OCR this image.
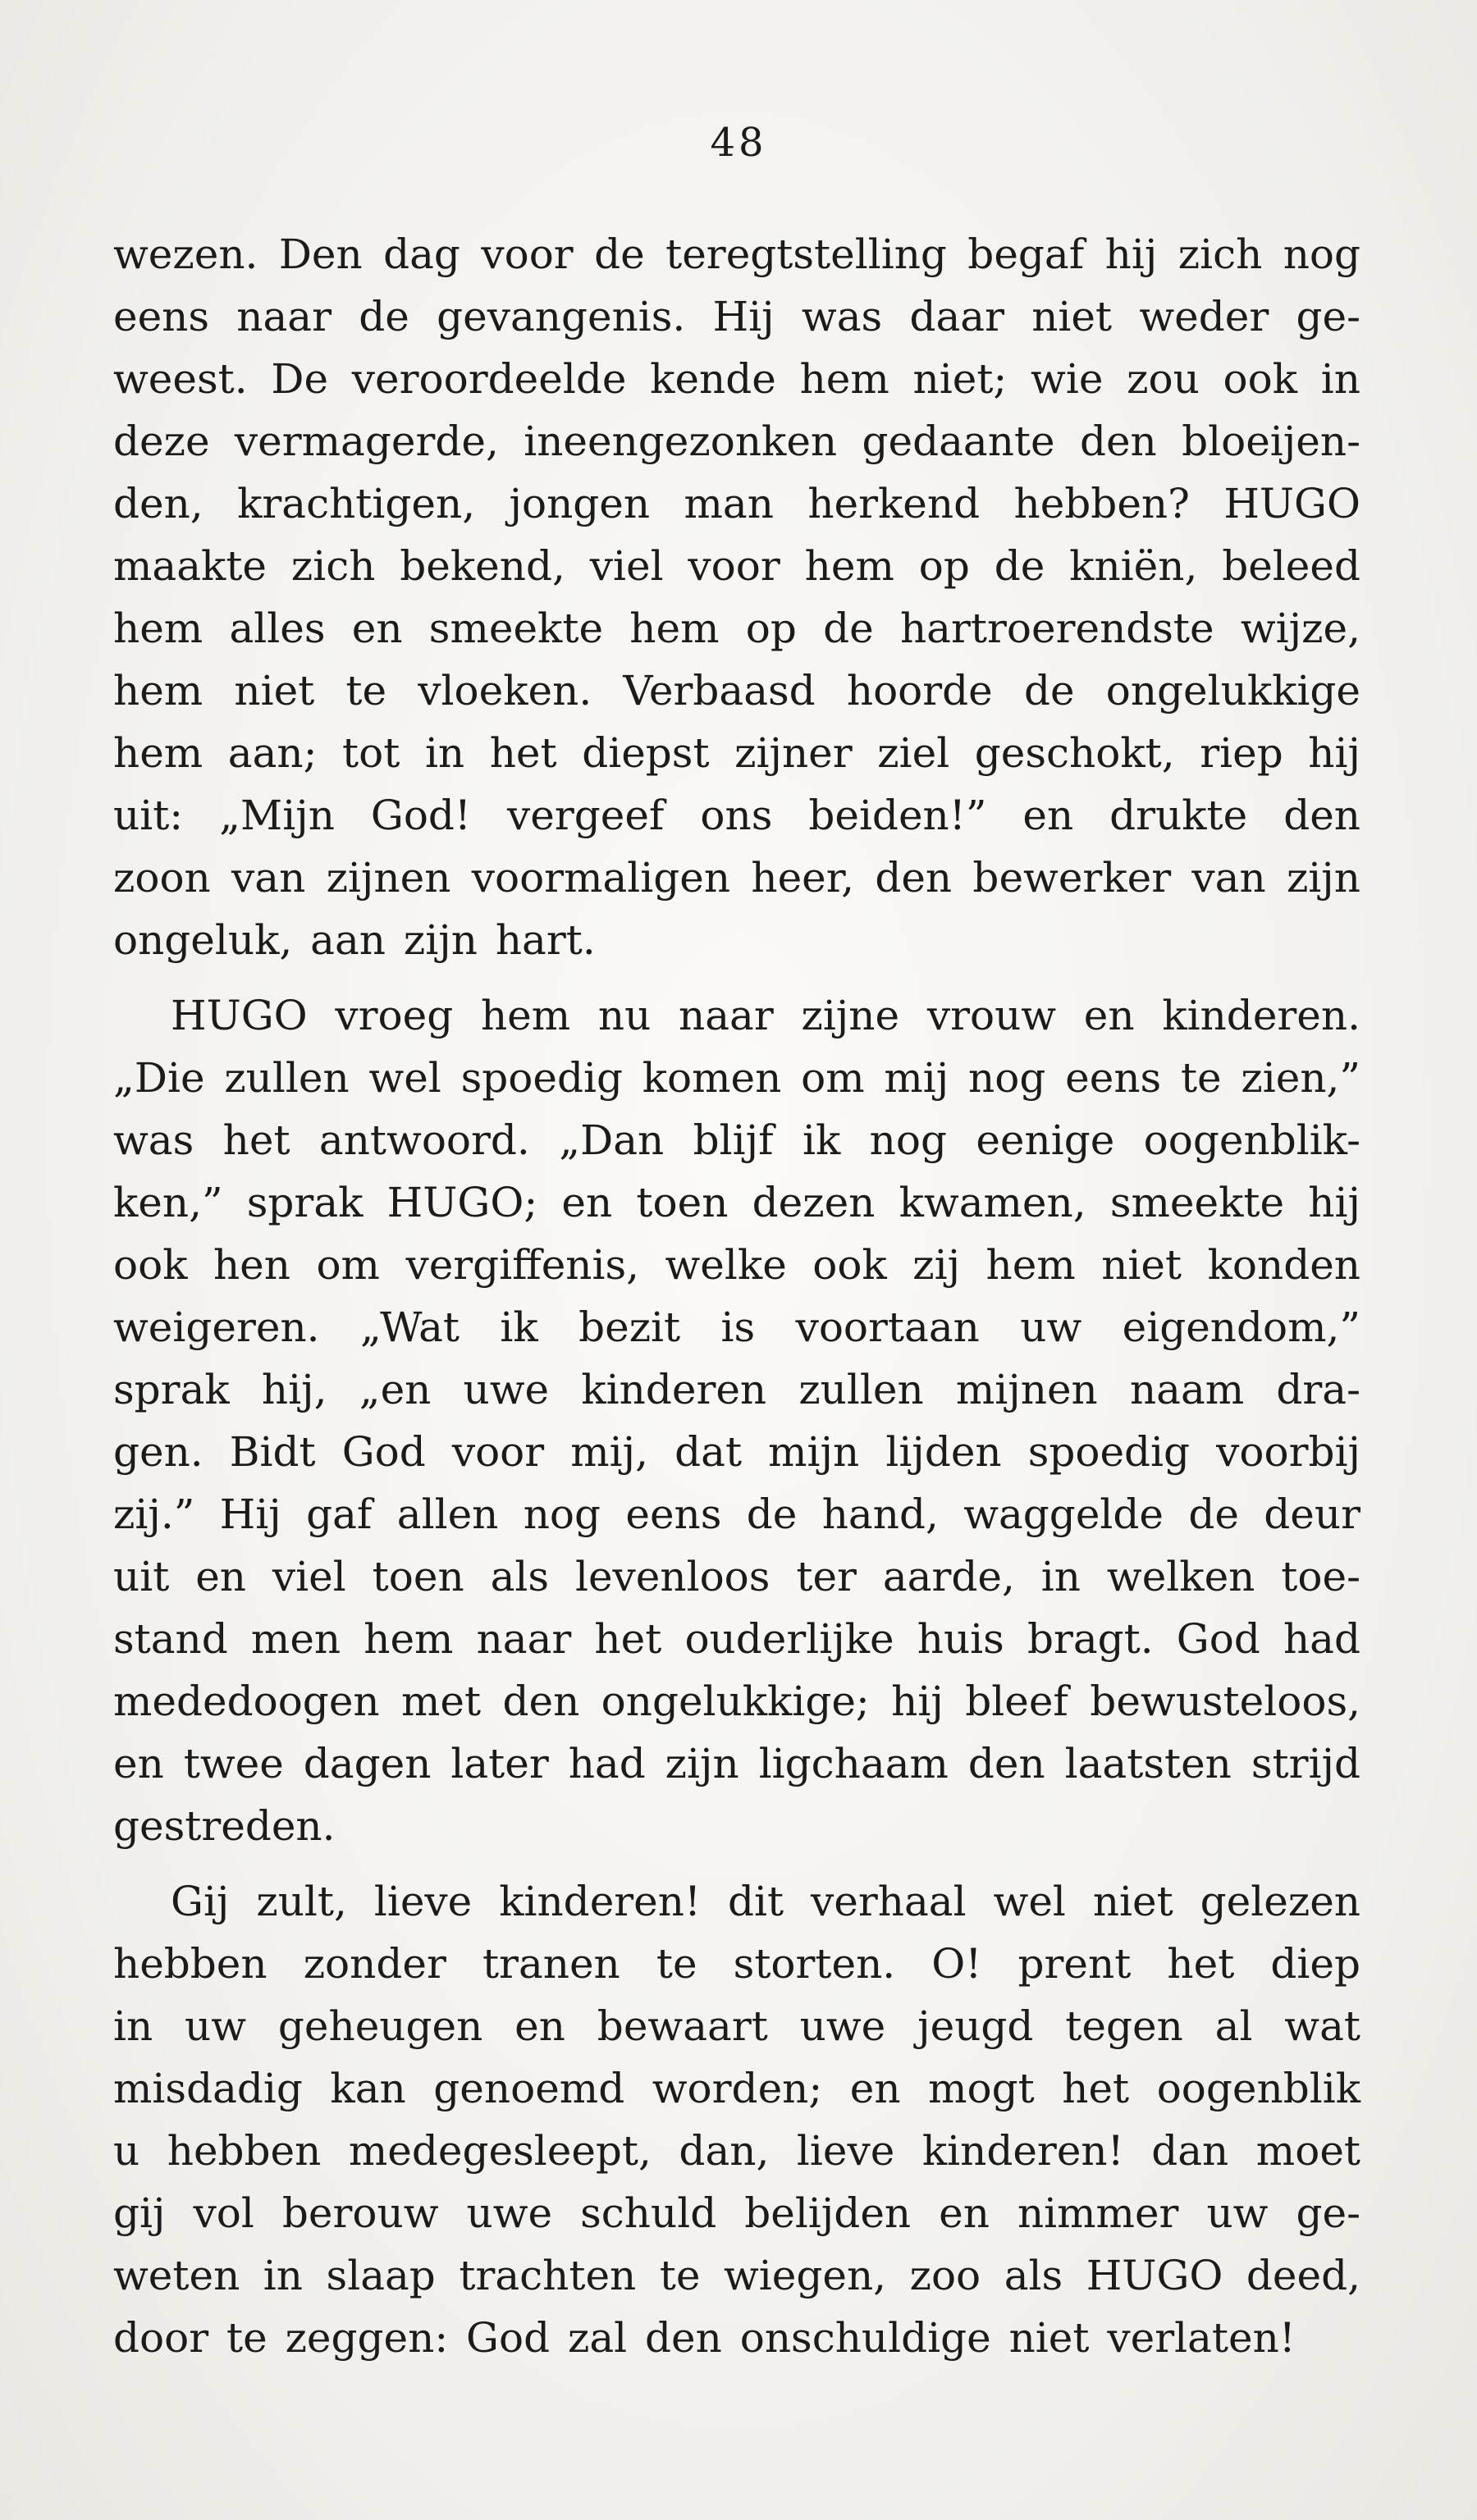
48
wezen. Den dag voor de teregtstelling begaf hij zich nog
eens naar de gevangenis. Hij was daar niet weder ge-
weest. De veroordeelde kende hem niet; wie zou ook in
deze vermagerde, ineengezonken gedaante den bloeijen-
den, krachtigen, jongen man herkend hebben? HUGO
maakte zich bekend, viel voor hem op de kniën, beleed
hem alles en smeekte hem op de hartroerendste wijze,
hem niet te vloeken. Verbaasd hoorde de ongelukkige
hem aan; tot in het diepst zijner ziel geschokt, riep hij
uit: „Mijn God! vergeef ons beiden!” en drukte den
zoon van zijnen voormaligen heer, den bewerker van zijn
ongeluk, aan zijn hart.
HUGO vroeg hem nu naar zijne vrouw en kinderen.
„Die zullen wel spoedig komen om mij nog eens te zien,”
was het antwoord. „Dan blijf ik nog eenige oogenblik-
ken,” sprak HUGO; en toen dezen kwamen, smeekte hij
ook hen om vergiffenis, welke ook zij hem niet konden
weigeren. „Wat ik bezit is voortaan uw eigendom,”
sprak hij, „en uwe kinderen zullen mijnen naam dra-
gen. Bidt God voor mij, dat mijn lijden spoedig voorbij
zij.” Hij gaf allen nog eens de hand, waggelde de deur
uit en viel toen als levenloos ter aarde, in welken toe-
stand men hem naar het ouderlijke huis bragt. God had
mededoogen met den ongelukkige; hij bleef bewusteloos,
en twee dagen later had zijn ligchaam den laatsten strijd
gestreden.
Gij zult, lieve kinderen! dit verhaal wel niet gelezen
hebben zonder tranen te storten. O! prent het diep
in uw geheugen en bewaart uwe jeugd tegen al wat
misdadig kan genoemd worden; en mogt het oogenblik
u hebben medegesleept, dan, lieve kinderen! dan moet
gij vol berouw uwe schuld belijden en nimmer uw ge-
weten in slaap trachten te wiegen, zoo als HUGO deed,
door te zeggen: God zal den onschuldige niet verlaten!
